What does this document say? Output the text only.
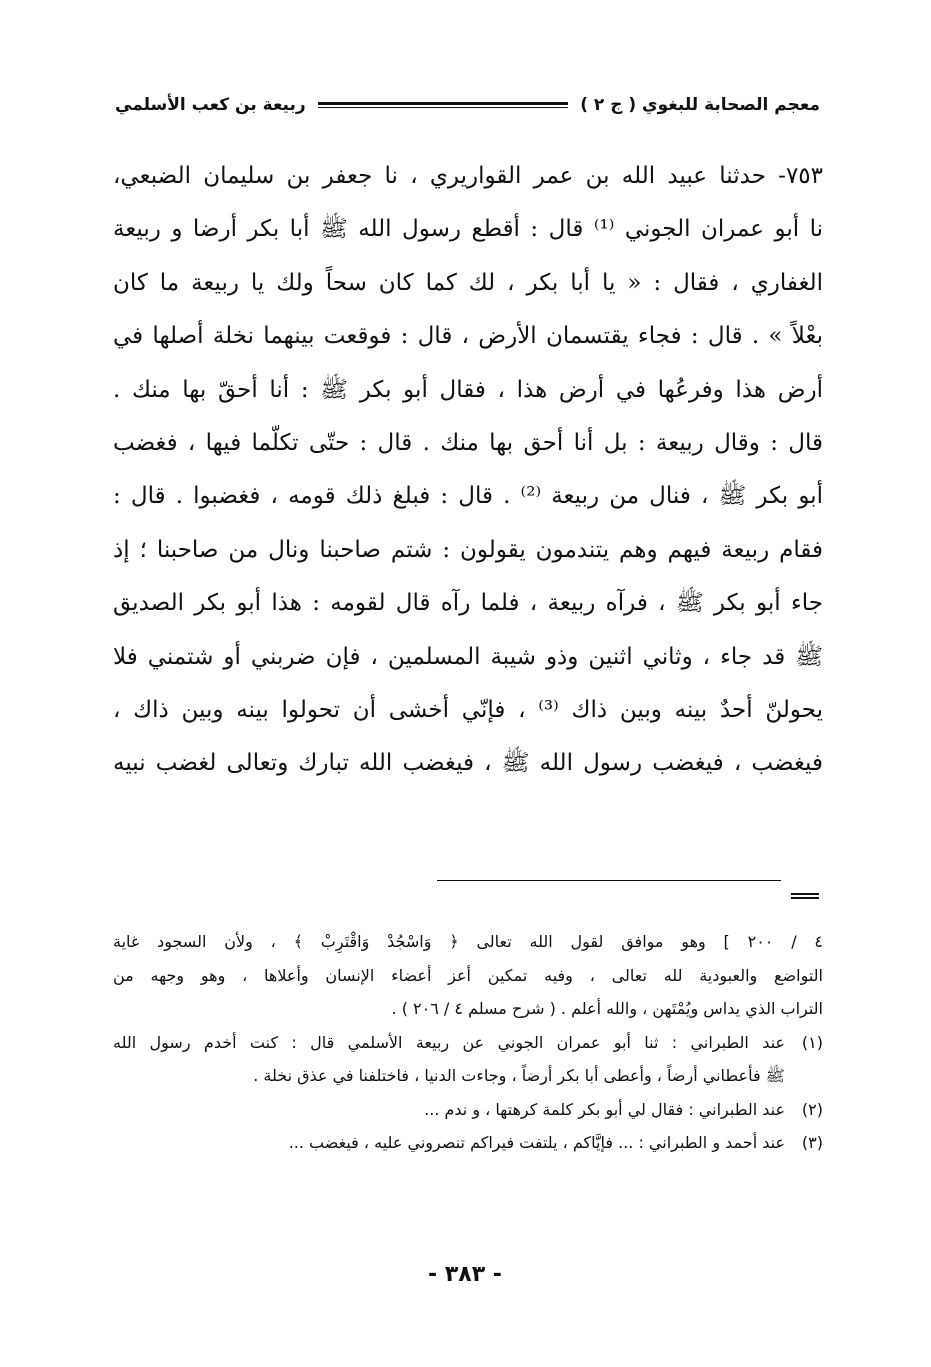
معجم الصحابة للبغوي ( ج ٢ )
ربيعة بن كعب الأسلمي
٧٥٣- حدثنا عبيد الله بن عمر القواريري ، نا جعفر بن سليمان الضبعي،
نا أبو عمران الجوني ⁽¹⁾ قال : أقطع رسول الله ﷺ أبا بكر أرضا و ربيعة
الغفاري ، فقال : « يا أبا بكر ، لك كما كان سحاً ولك يا ربيعة ما كان
بعْلاً » . قال : فجاء يقتسمان الأرض ، قال : فوقعت بينهما نخلة أصلها في
أرض هذا وفرعُها في أرض هذا ، فقال أبو بكر ﷺ : أنا أحقّ بها منك .
قال : وقال ربيعة : بل أنا أحق بها منك . قال : حتّى تكلّما فيها ، فغضب
أبو بكر ﷺ ، فنال من ربيعة ⁽²⁾ . قال : فبلغ ذلك قومه ، فغضبوا . قال :
فقام ربيعة فيهم وهم يتندمون يقولون : شتم صاحبنا ونال من صاحبنا ؛ إذ
جاء أبو بكر ﷺ ، فرآه ربيعة ، فلما رآه قال لقومه : هذا أبو بكر الصديق
ﷺ قد جاء ، وثاني اثنين وذو شيبة المسلمين ، فإن ضربني أو شتمني فلا
يحولنّ أحدٌ بينه وبين ذاك ⁽³⁾ ، فإنّي أخشى أن تحولوا بينه وبين ذاك ،
فيغضب ، فيغضب رسول الله ﷺ ، فيغضب الله تبارك وتعالى لغضب نبيه
٤ / ٢٠٠ ] وهو موافق لقول الله تعالى ﴿ وَاسْجُدْ وَاقْتَرِبْ ﴾ ، ولأن السجود غاية
التواضع والعبودية لله تعالى ، وفيه تمكين أعز أعضاء الإنسان وأعلاها ، وهو وجهه من
التراب الذي يداس ويُمْتَهن ، والله أعلم . ( شرح مسلم ٤ / ٢٠٦ ) .
(١)
عند الطبراني : ثنا أبو عمران الجوني عن ربيعة الأسلمي قال : كنت أخدم رسول الله
ﷺ فأعطاني أرضاً ، وأعطى أبا بكر أرضاً ، وجاءت الدنيا ، فاختلفنا في عذق نخلة .
(٢)
عند الطبراني : فقال لي أبو بكر كلمة كرهتها ، و ندم ...
(٣)
عند أحمد و الطبراني : ... فإيَّاكم ، يلتفت فيراكم تنصروني عليه ، فيغضب ...
- ٣٨٣ -
